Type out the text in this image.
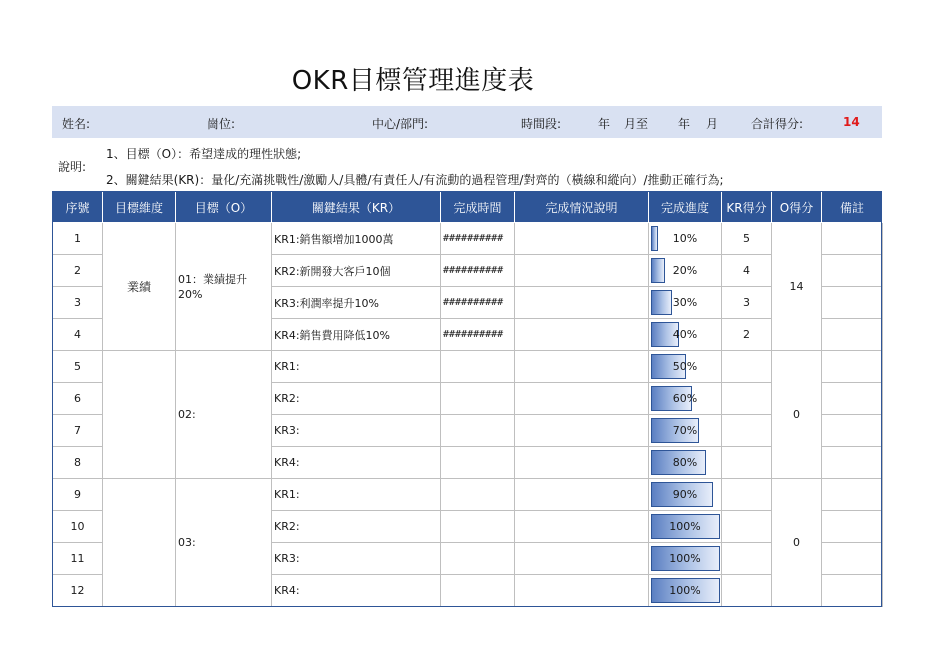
OKR目標管理進度表
姓名:	崗位:	中心/部門:	時間段:	年 月至 年 月	合計得分:	14
說明:
1、目標（O）：希望達成的理性狀態;
2、關鍵結果(KR)：量化/充滿挑戰性/激勵人/具體/有責任人/有流動的過程管理/對齊的（橫線和縱向）/推動正確行為;
序號	目標維度	目標（O）	關鍵結果（KR）	完成時間	完成情況說明	完成進度	KR得分	O得分	備註
1	業績	01：業績提升20%	KR1:銷售額增加1000萬	##########		10%	5	14	
2			KR2:新開發大客戶10個	##########		20%	4		
3			KR3:利潤率提升10%	##########		30%	3		
4			KR4:銷售費用降低10%	##########		40%	2		
5		02:	KR1:			50%		0	
6			KR2:			60%			

7			KR3:			70%			

8			KR4:			80%			

9		03:	KR1:			90%		0	
10			KR2:			100%			

11			KR3:			100%			

12			KR4:			100%			
